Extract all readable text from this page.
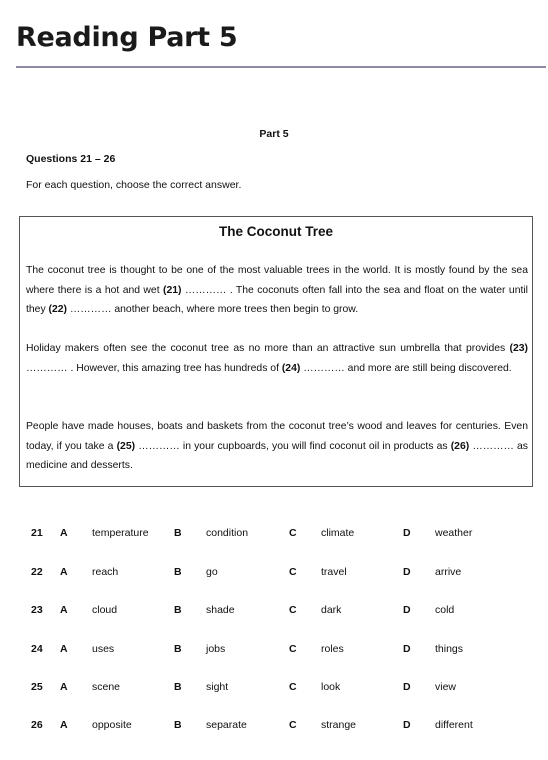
Reading Part 5
Part 5
Questions 21 – 26
For each question, choose the correct answer.
The Coconut Tree

The coconut tree is thought to be one of the most valuable trees in the world. It is mostly found by the sea where there is a hot and wet (21) ………… . The coconuts often fall into the sea and float on the water until they (22) ………… another beach, where more trees then begin to grow.

Holiday makers often see the coconut tree as no more than an attractive sun umbrella that provides (23) ………… . However, this amazing tree has hundreds of (24) ………… and more are still being discovered.

People have made houses, boats and baskets from the coconut tree’s wood and leaves for centuries. Even today, if you take a (25) ………… in your cupboards, you will find coconut oil in products as (26) ………… as medicine and desserts.

21 A temperature B condition	C climate	D weather
22 A reach	B go	C travel	D arrive
23 A cloud	B shade	C dark	D cold
24 A uses	B jobs	C roles	D things
25 A scene	B sight	C look	D view
26 A opposite	B separate	C strange	D different
